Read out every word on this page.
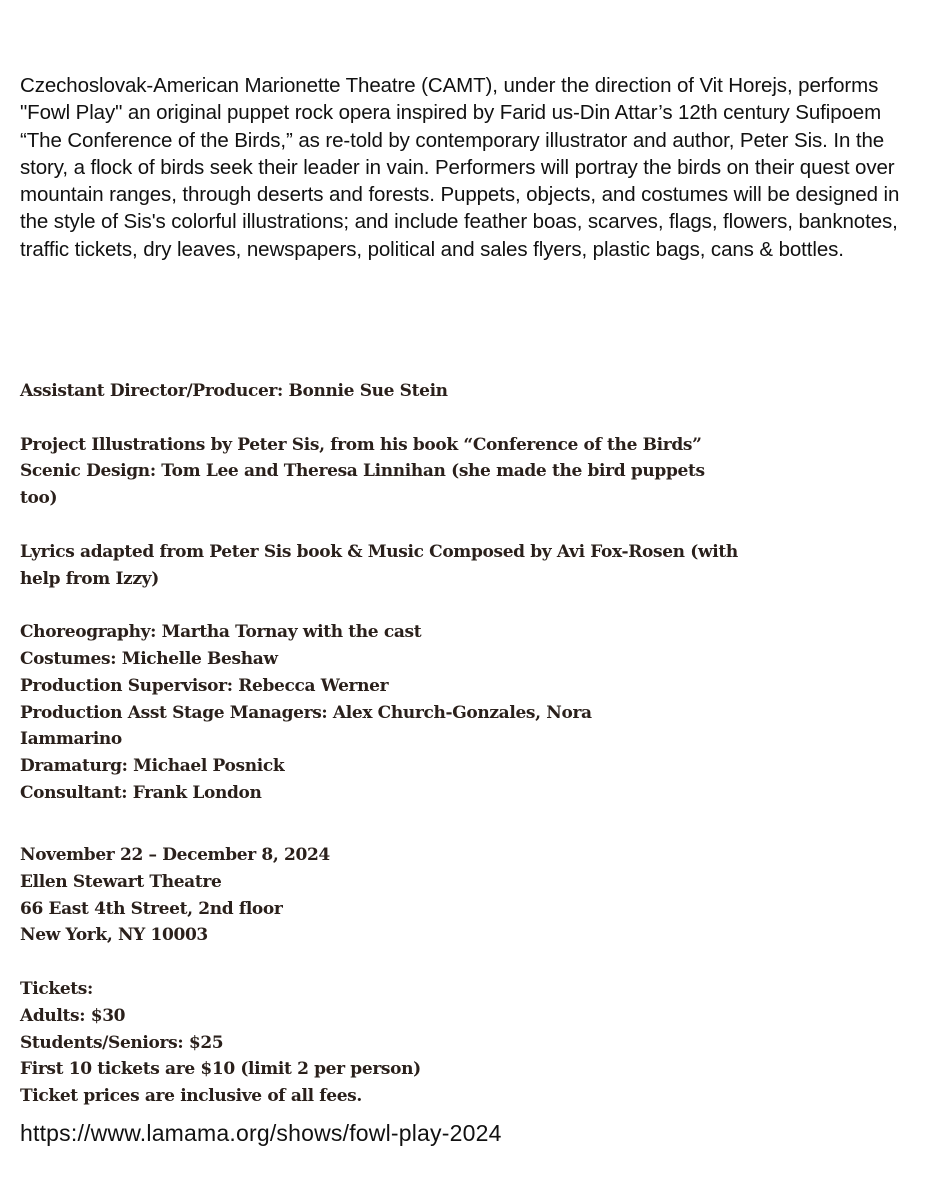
Czechoslovak-American Marionette Theatre (CAMT), under the direction of Vit Horejs, performs "Fowl Play" an original puppet rock opera inspired by Farid us-Din Attar’s 12th century Sufipoem “The Conference of the Birds,” as re-told by contemporary illustrator and author, Peter Sis. In the story, a flock of birds seek their leader in vain. Performers will portray the birds on their quest over mountain ranges, through deserts and forests. Puppets, objects, and costumes will be designed in the style of Sis's colorful illustrations; and include feather boas, scarves, flags, flowers, banknotes, traffic tickets, dry leaves, newspapers, political and sales flyers, plastic bags, cans & bottles.

Assistant Director/Producer: Bonnie Sue Stein

Project Illustrations by Peter Sis, from his book “Conference of the Birds”

Scenic Design: Tom Lee and Theresa Linnihan (she made the bird puppets too)

Lyrics adapted from Peter Sis book & Music Composed by Avi Fox-Rosen (with help from Izzy)

Choreography: Martha Tornay with the cast

Costumes: Michelle Beshaw

Production Supervisor: Rebecca Werner

Production Asst Stage Managers: Alex Church-Gonzales, Nora Iammarino

Dramaturg: Michael Posnick

Consultant: Frank London

November 22 – December 8, 2024

Ellen Stewart Theatre

66 East 4th Street, 2nd floor

New York, NY 10003

Tickets:

Adults: $30

Students/Seniors: $25

First 10 tickets are $10 (limit 2 per person)

Ticket prices are inclusive of all fees.

https://www.lamama.org/shows/fowl-play-2024
